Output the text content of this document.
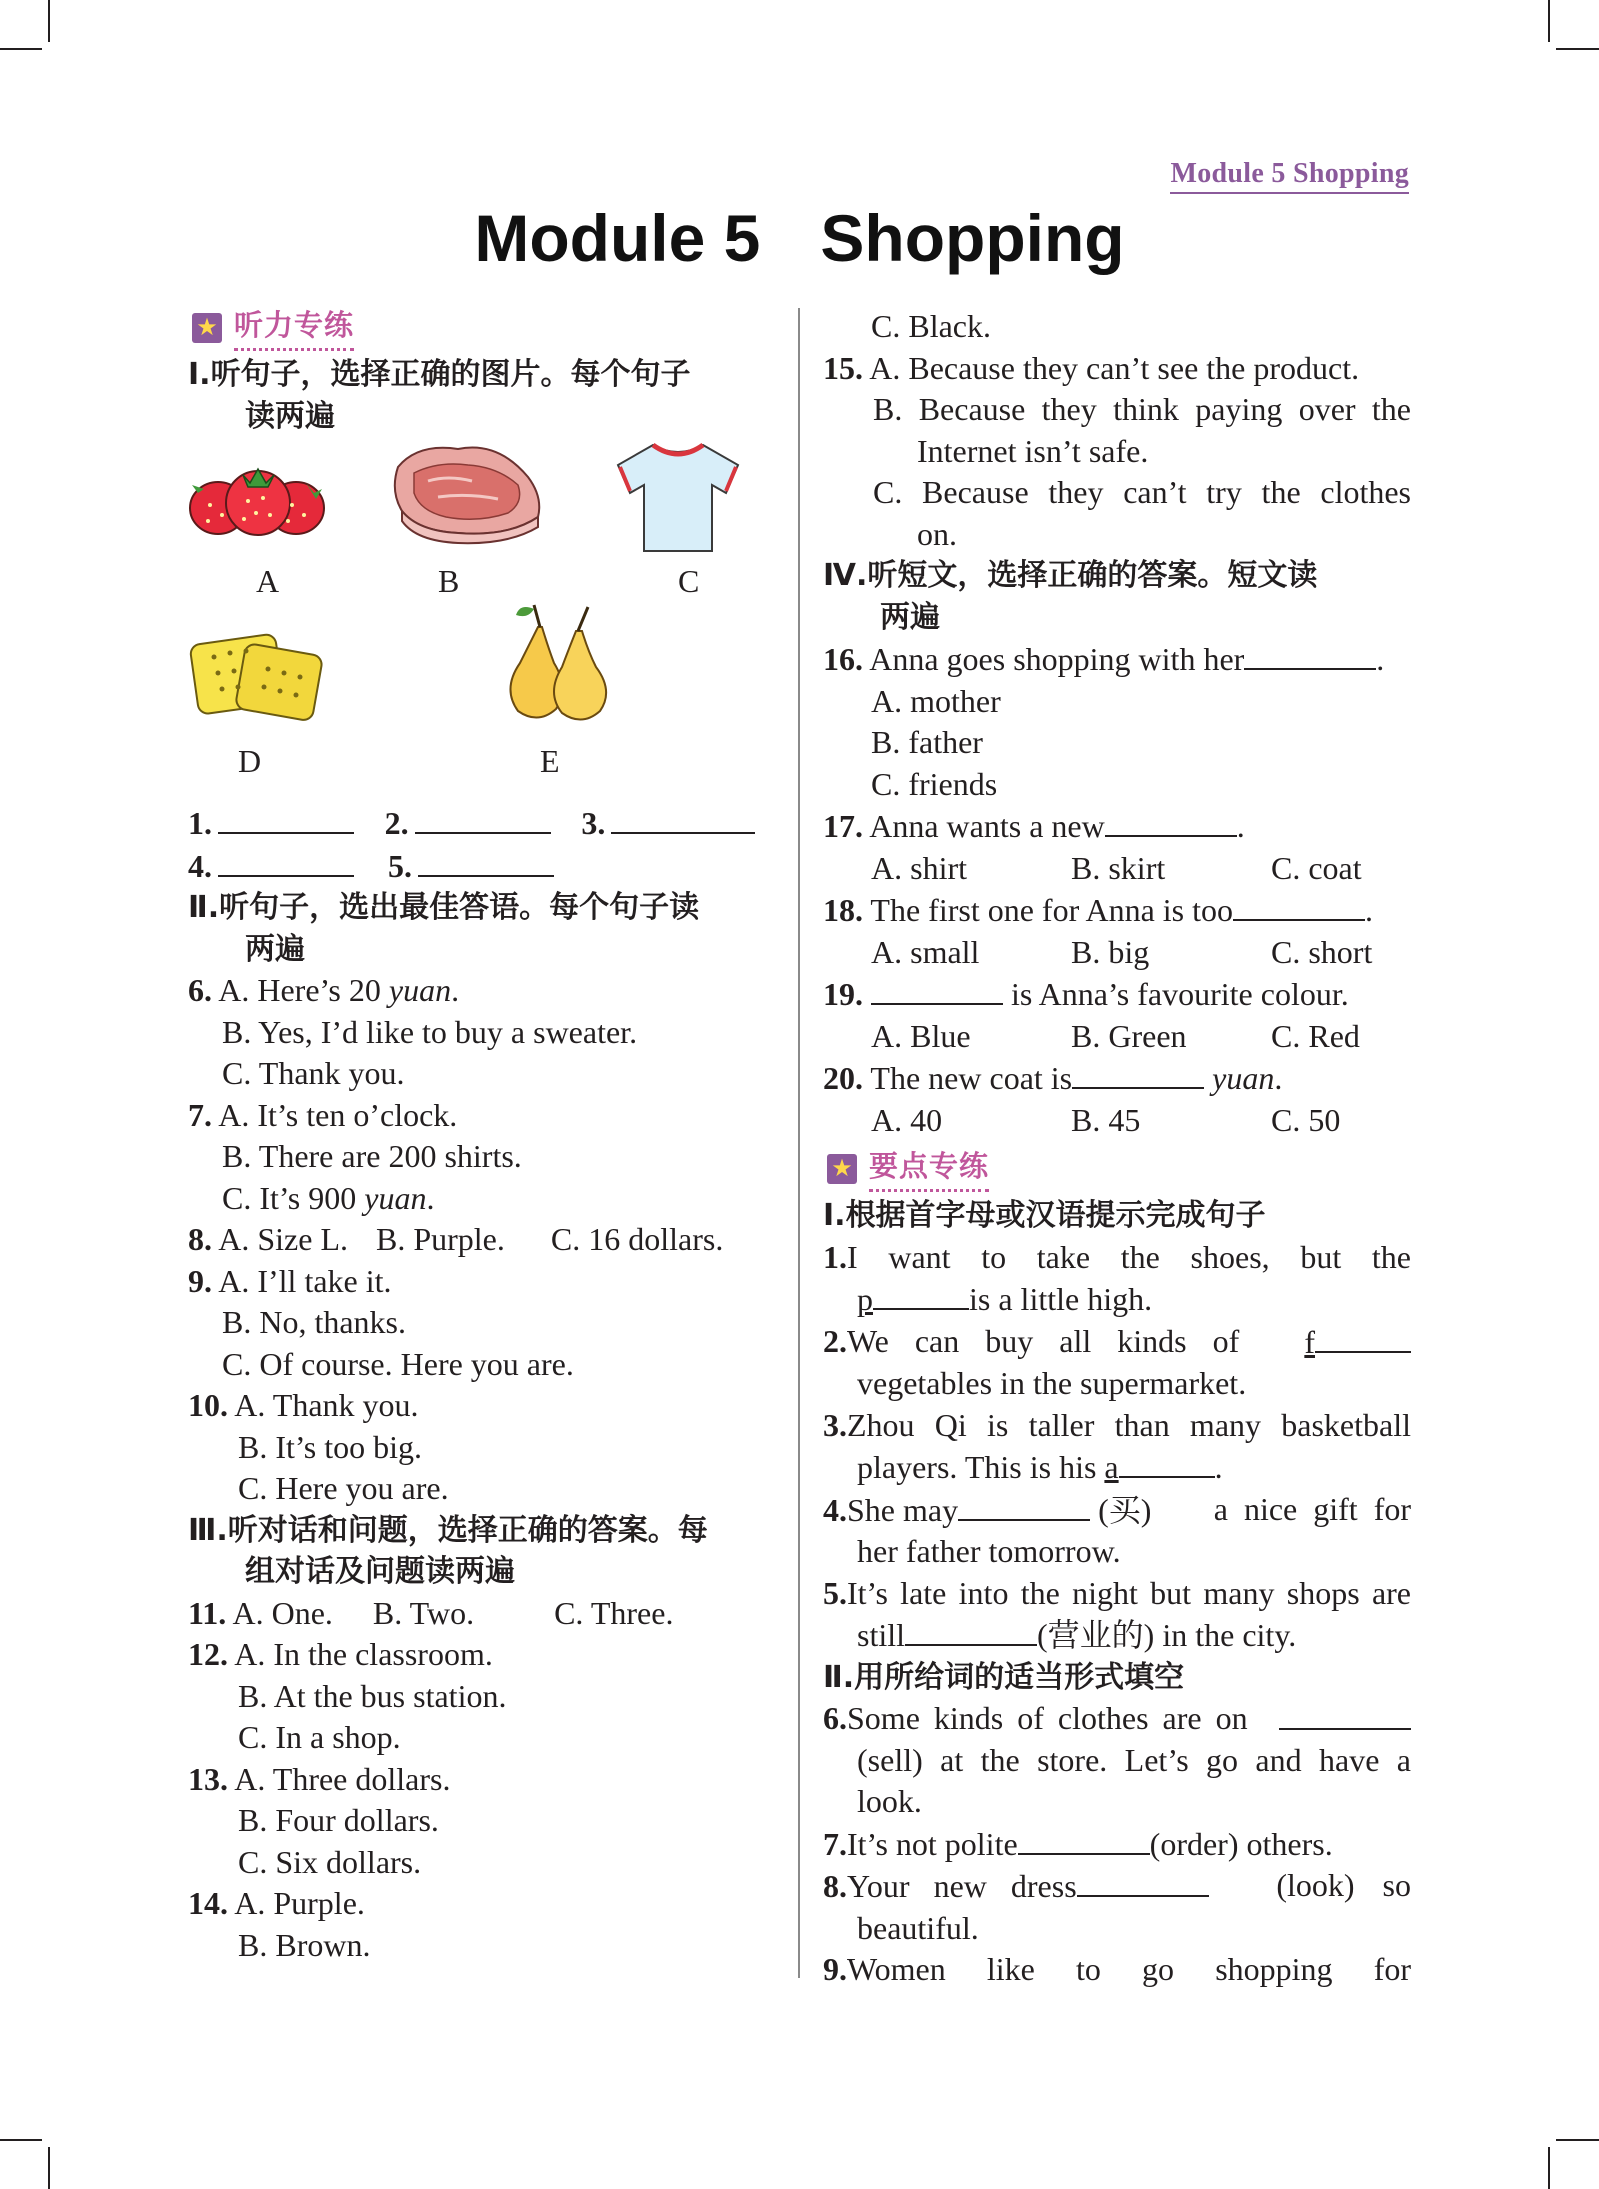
Module 5 Shopping
Module 5 Shopping
★ 听力专练
Ⅰ.听句子，选择正确的图片。每个句子
读两遍
A	B	C
D	E
1.	2.	3.
4.	5.
Ⅱ.听句子，选出最佳答语。每个句子读
两遍
6. A. Here’s 20 yuan.
B. Yes, I’d like to buy a sweater.
C. Thank you.
7. A. It’s ten o’clock.
B. There are 200 shirts.
C. It’s 900 yuan.
8. A. Size L. B. Purple. C. 16 dollars.
9. A. I’ll take it.
B. No, thanks.
C. Of course. Here you are.
10. A. Thank you.
B. It’s too big.
C. Here you are.
Ⅲ.听对话和问题，选择正确的答案。每
组对话及问题读两遍
11. A. One. B. Two.	C. Three.
12. A. In the classroom.
B. At the bus station.
C. In a shop.
13. A. Three dollars.
B. Four dollars.
C. Six dollars.
14. A. Purple.
B. Brown.
C. Black.
15. A. Because they can’t see the product.
B. Because they think paying over the
Internet isn’t safe.
C. Because they can’t try the clothes
on.
Ⅳ.听短文，选择正确的答案。短文读
两遍
16. Anna goes shopping with her	.
A. mother
B. father
C. friends
17. Anna wants a new	.
A. shirt	B. skirt	C. coat
18. The first one for Anna is too	.
A. small	B. big	C. short
19.	is Anna’s favourite colour.
A. Blue	B. Green	C. Red
20. The new coat is	yuan.
A. 40	B. 45	C. 50
★ 要点专练
Ⅰ.根据首字母或汉语提示完成句子
1.I want to take the shoes, but the
p	is a little high.
2.We can buy all kinds of f
vegetables in the supermarket.
3.Zhou Qi is taller than many basketball
players. This is his a	.
4.She may	(买) a nice gift for
her father tomorrow.
5.It’s late into the night but many shops are
still	(营业的) in the city.
Ⅱ.用所给词的适当形式填空
6.Some kinds of clothes are on
(sell) at the store. Let’s go and have a
look.
7.It’s not polite	(order) others.
8.Your new dress	(look) so
beautiful.
9.Women like to go shopping for
